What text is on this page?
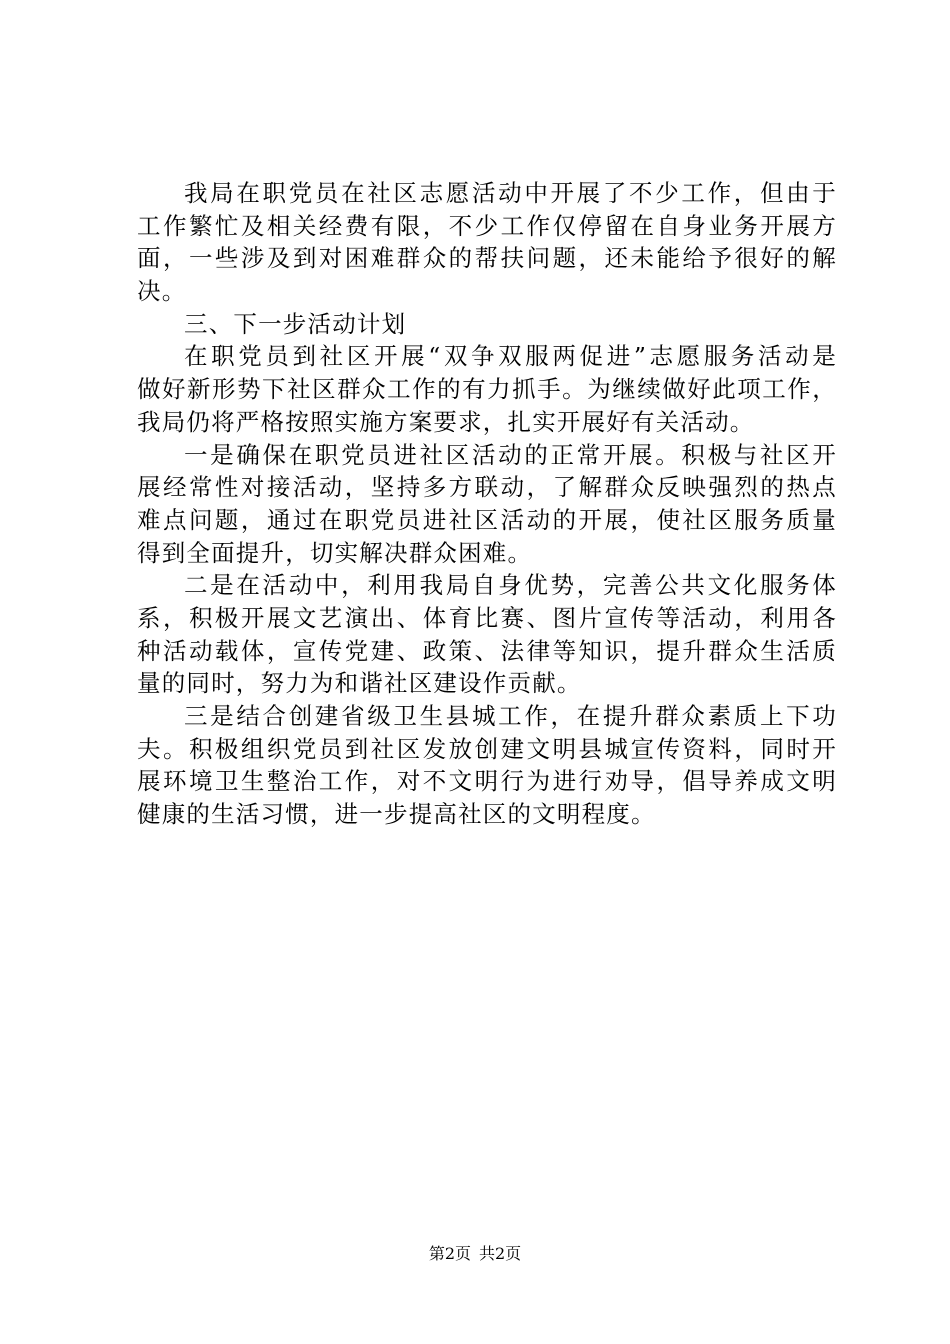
我局在职党员在社区志愿活动中开展了不少工作，但由于
工作繁忙及相关经费有限，不少工作仅停留在自身业务开展方
面，一些涉及到对困难群众的帮扶问题，还未能给予很好的解
决。
三、下一步活动计划
在职党员到社区开展“双争双服两促进”志愿服务活动是
做好新形势下社区群众工作的有力抓手。为继续做好此项工作，
我局仍将严格按照实施方案要求，扎实开展好有关活动。
一是确保在职党员进社区活动的正常开展。积极与社区开
展经常性对接活动，坚持多方联动，了解群众反映强烈的热点
难点问题，通过在职党员进社区活动的开展，使社区服务质量
得到全面提升，切实解决群众困难。
二是在活动中，利用我局自身优势，完善公共文化服务体
系，积极开展文艺演出、体育比赛、图片宣传等活动，利用各
种活动载体，宣传党建、政策、法律等知识，提升群众生活质
量的同时，努力为和谐社区建设作贡献。
三是结合创建省级卫生县城工作，在提升群众素质上下功
夫。积极组织党员到社区发放创建文明县城宣传资料，同时开
展环境卫生整治工作，对不文明行为进行劝导，倡导养成文明
健康的生活习惯，进一步提高社区的文明程度。
第2页 共2页
